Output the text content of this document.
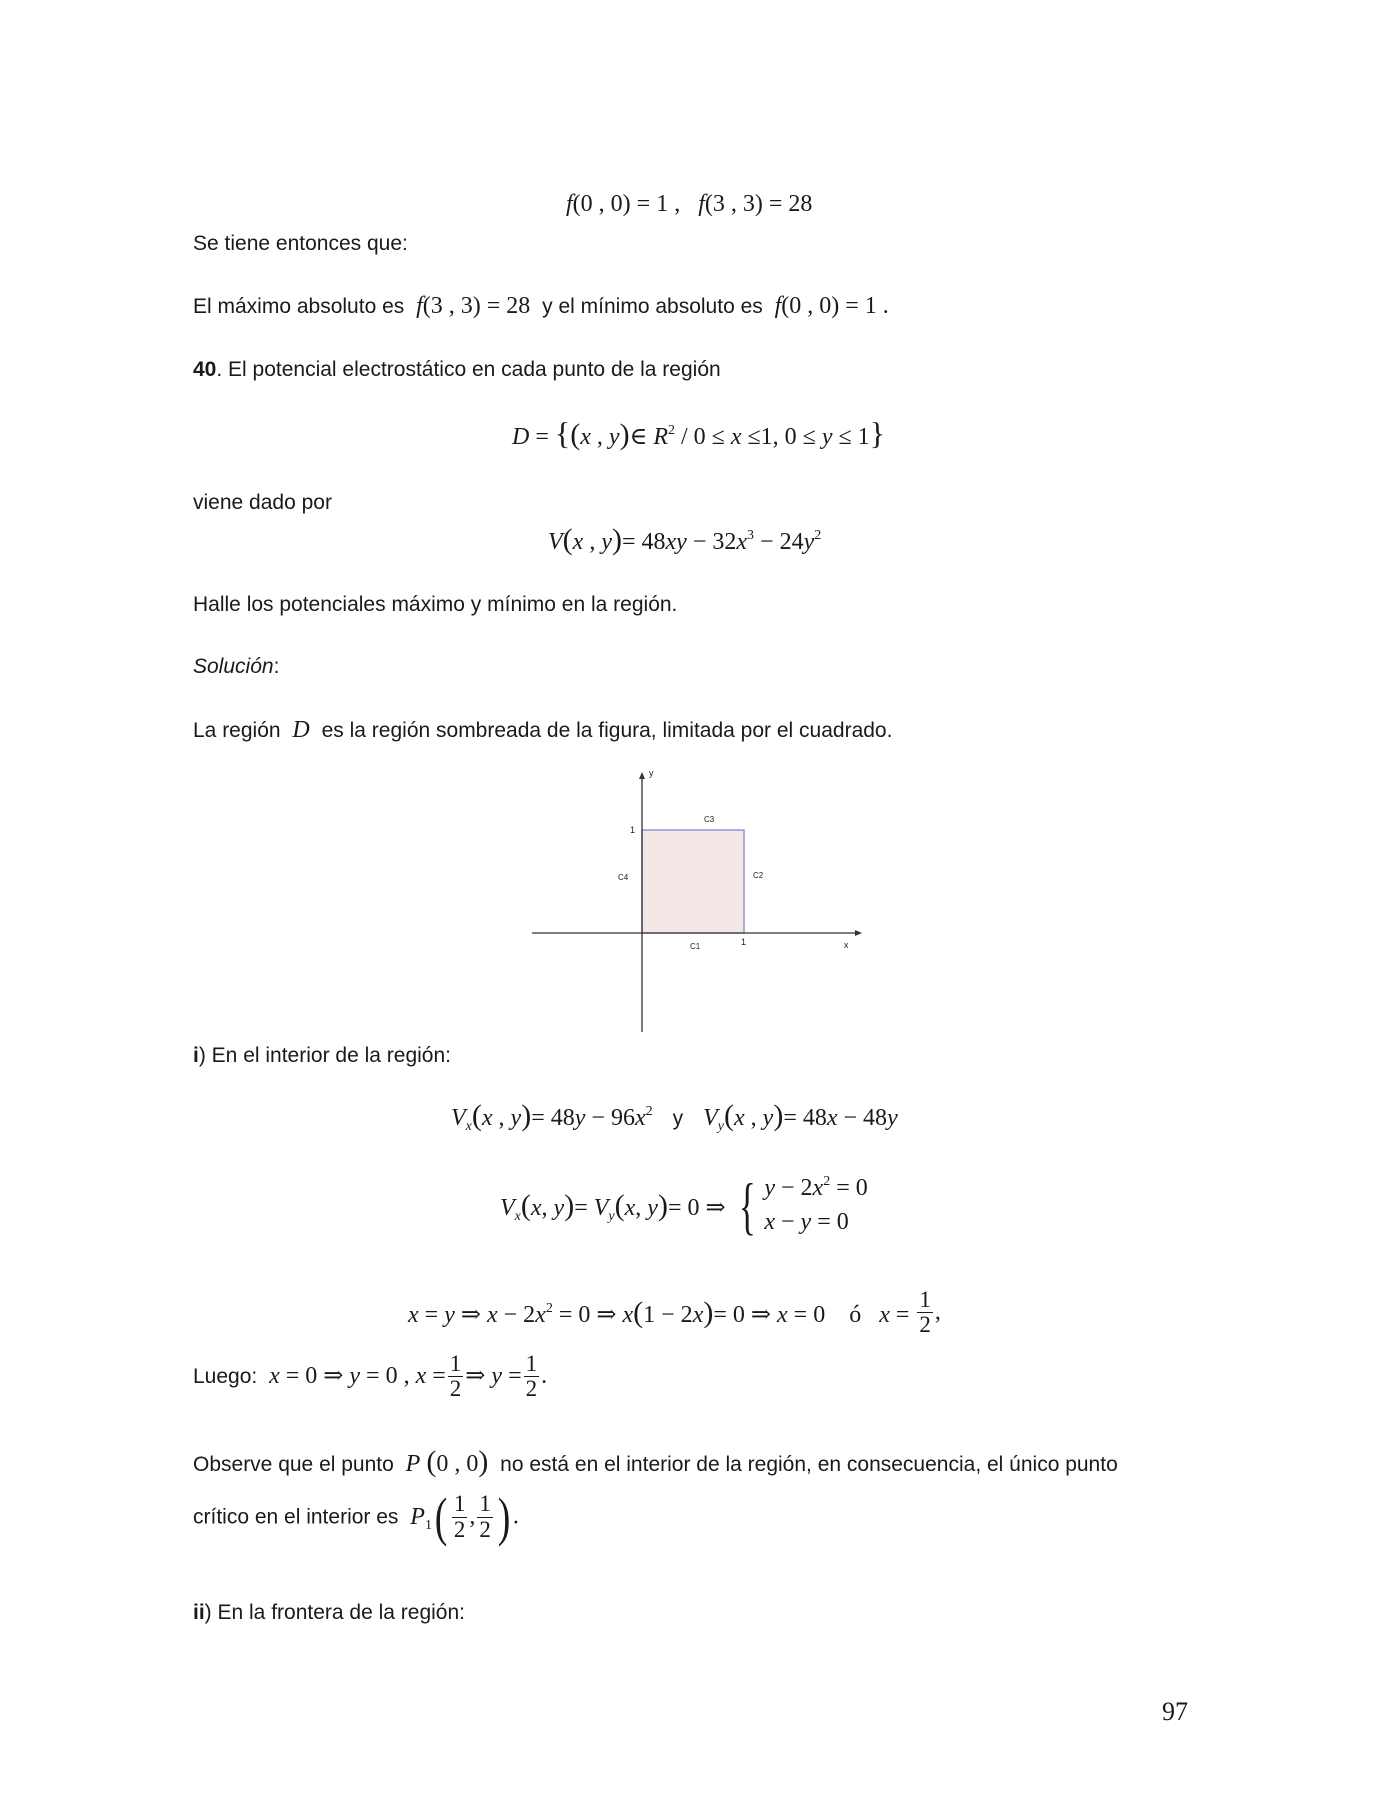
f(0 , 0) = 1 ,   f(3 , 3) = 28
Se tiene entonces que:
El máximo absoluto es f(3 , 3) = 28  y el mínimo absoluto es f(0 , 0) = 1 .
40. El potencial electrostático en cada punto de la región
D = {(x , y)∈ $R^2 / 0 \le x \le 1$, 0 ≤ y ≤ 1}
viene dado por
V(x , $y)= 48xy - 32x^3 - 24y^2$
Halle los potenciales máximo y mínimo en la región.
Solución:
La región D es la región sombreada de la figura, limitada por el cuadrado.
y
x
1
1
C1
C2
C3
C4
i) En el interior de la región:
$V_x(x$ , $y)= 48y - 96x^2$ y $V_y(x$ , y)= 48x − 48y
$V_x(x$, $y)= V_y(x$, y)= 0 ⇒ { $y - 2x^2 = 0$
x − y = 0
x = y ⇒ $x - 2x^2 = 0$ ⇒ x(1 − 2x)= 0 ⇒ x = 0 ó $x = \frac{1}{2}$ ,
Luego: x = 0 ⇒ y = 0 , $x = \frac{1}{2}$ ⇒ $y = \frac{1}{2}$ .
Observe que el punto P (0 , 0) no está en el interior de la región, en consecuencia, el único punto
crítico en el interior es $P_1( \frac{1}{2}$ , $\frac{1}{2}$ ) .
ii) En la frontera de la región:
97
